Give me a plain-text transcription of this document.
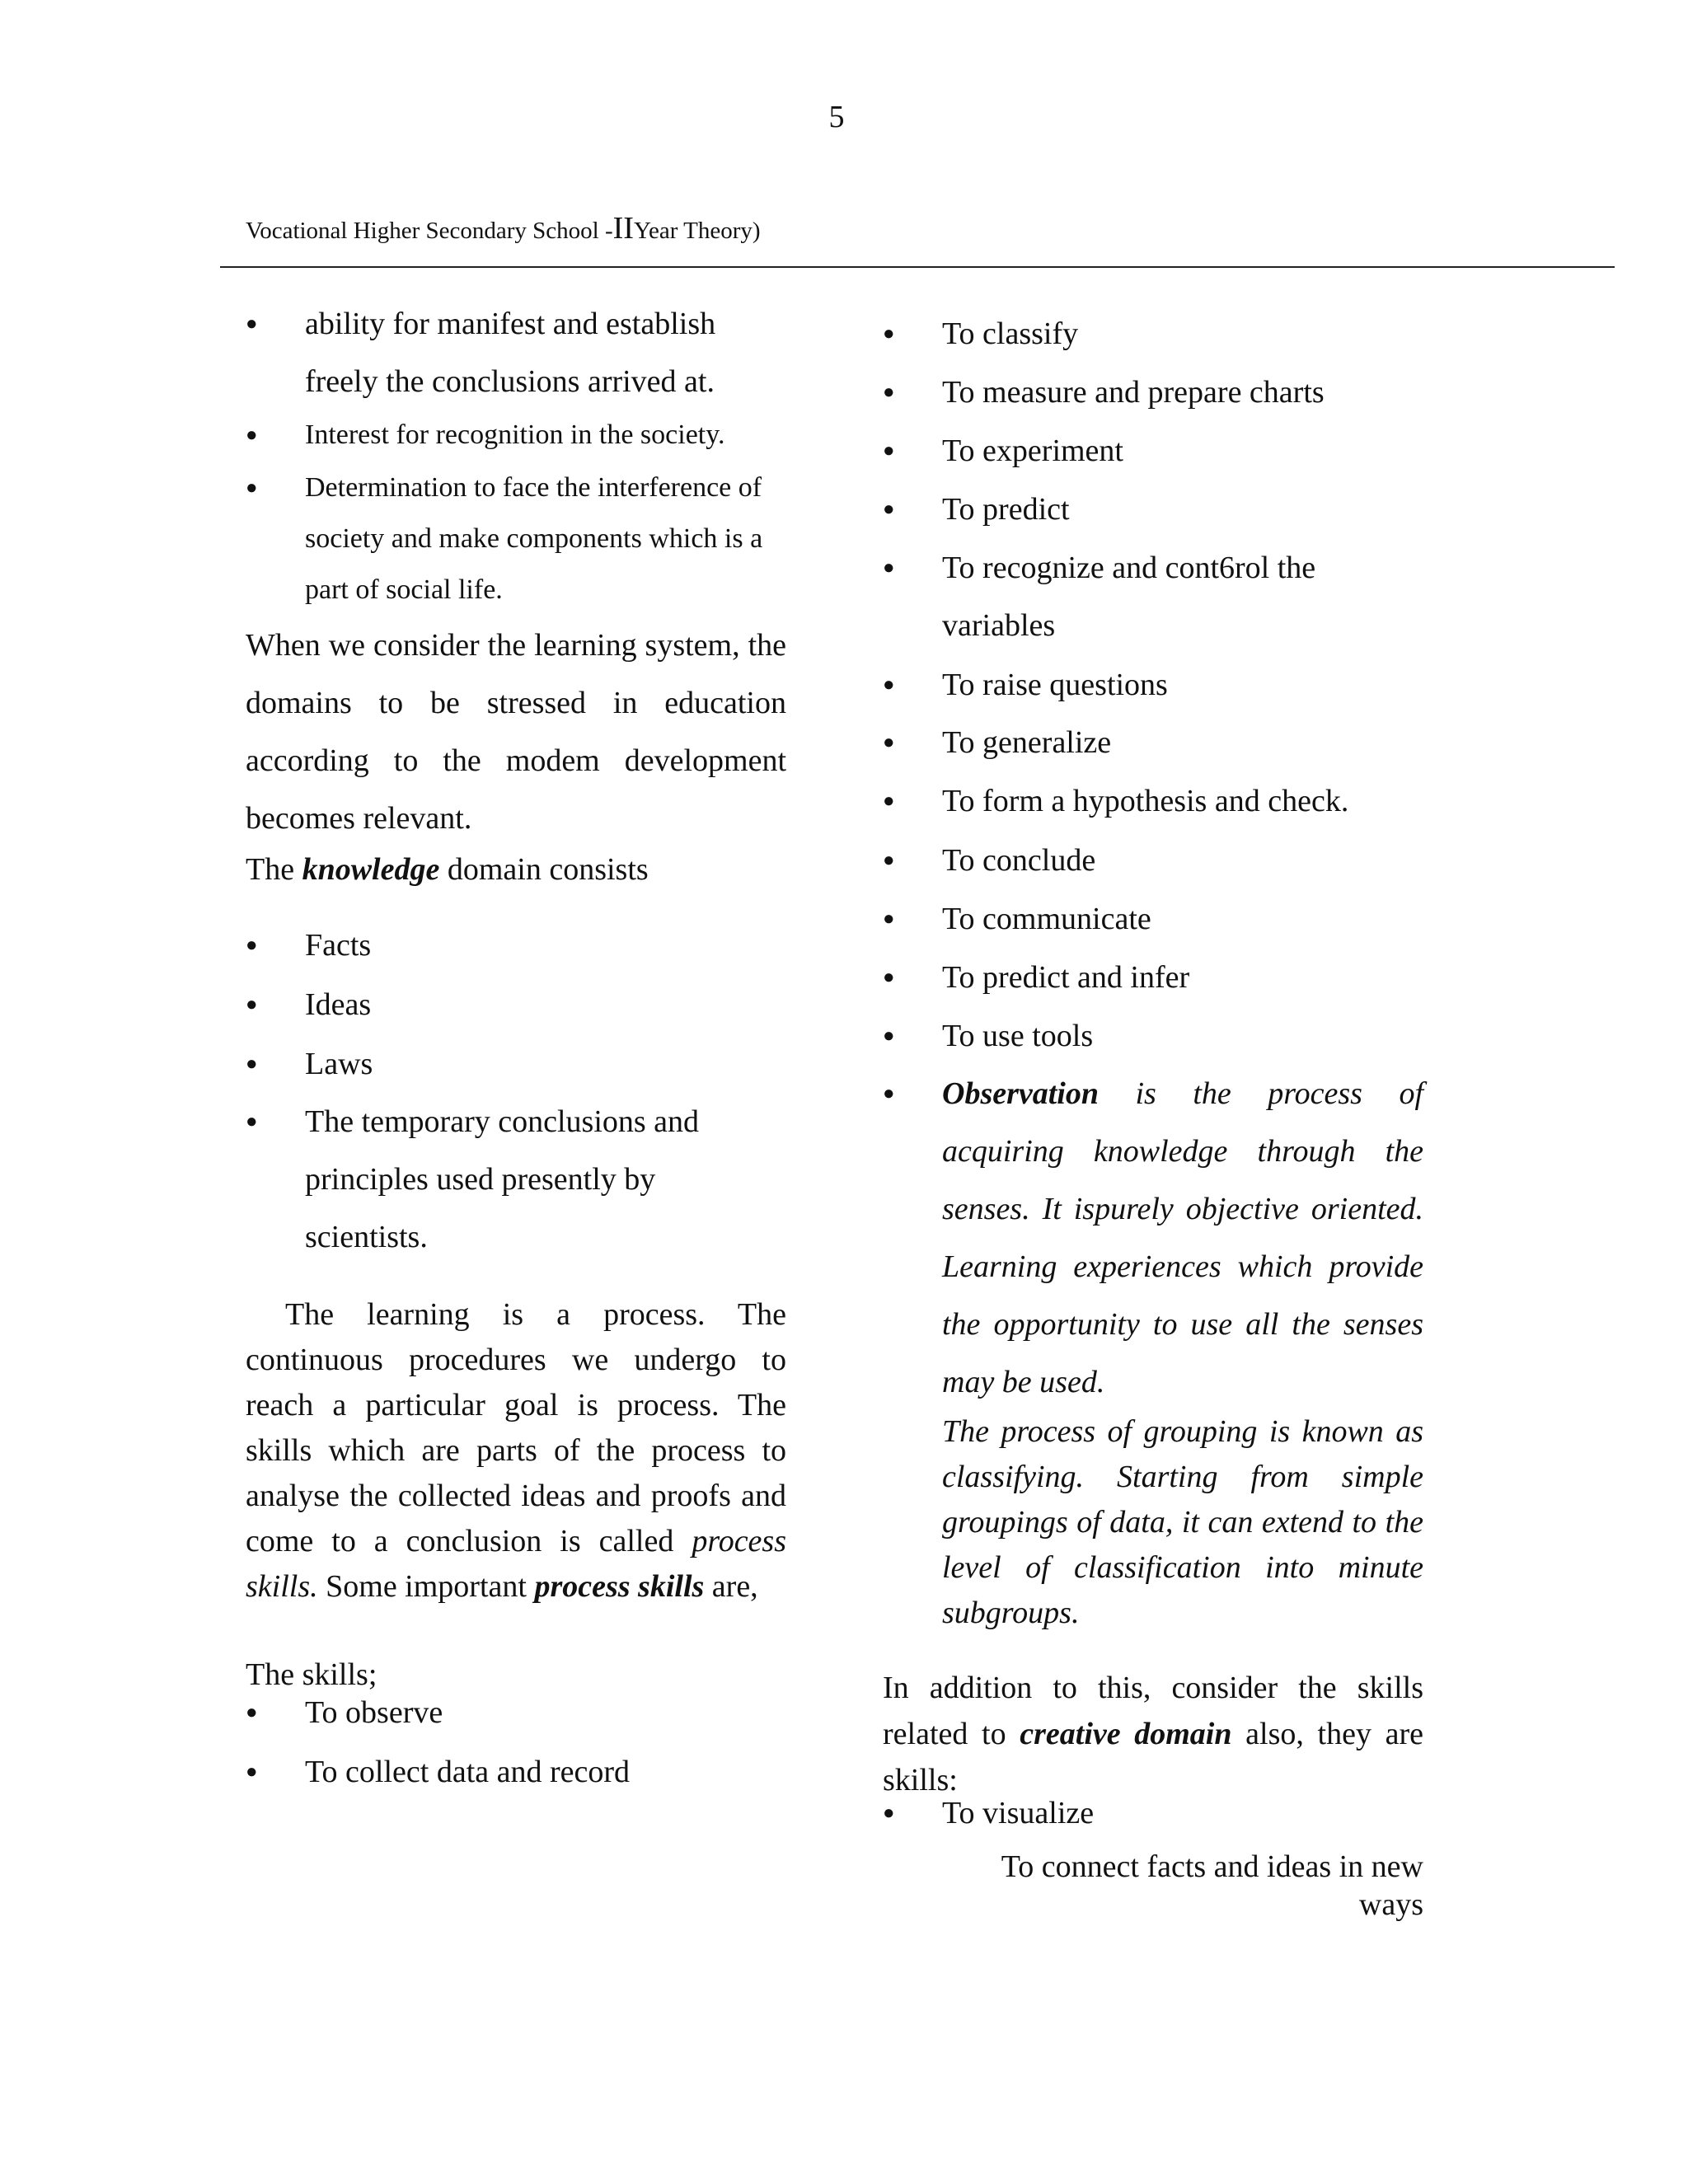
5
Vocational Higher Secondary School -IIYear Theory)
● ability for manifest and establish freely the conclusions arrived at.
● Interest for recognition in the society.
● Determination to face the interference of society and make components which is a part of social life.
When we consider the learning system, the domains to be stressed in education according to the modem development becomes relevant.
The knowledge domain consists
● Facts
● Ideas
● Laws
● The temporary conclusions and principles used presently by scientists.
The learning is a process. The continuous procedures we undergo to reach a particular goal is process. The skills which are parts of the process to analyse the collected ideas and proofs and come to a conclusion is called process skills. Some important process skills are,
The skills;
● To observe
● To collect data and record
● To classify
● To measure and prepare charts
● To experiment
● To predict
● To recognize and cont6rol the variables
● To raise questions
● To generalize
● To form a hypothesis and check.
● To conclude
● To communicate
● To predict and infer
● To use tools
● Observation is the process of acquiring knowledge through the senses. It ispurely objective oriented. Learning experiences which provide the opportunity to use all the senses may be used.
The process of grouping is known as classifying. Starting from simple groupings of data, it can extend to the level of classification into minute subgroups.
In addition to this, consider the skills related to creative domain also, they are skills:
● To visualize
To connect facts and ideas in new ways
